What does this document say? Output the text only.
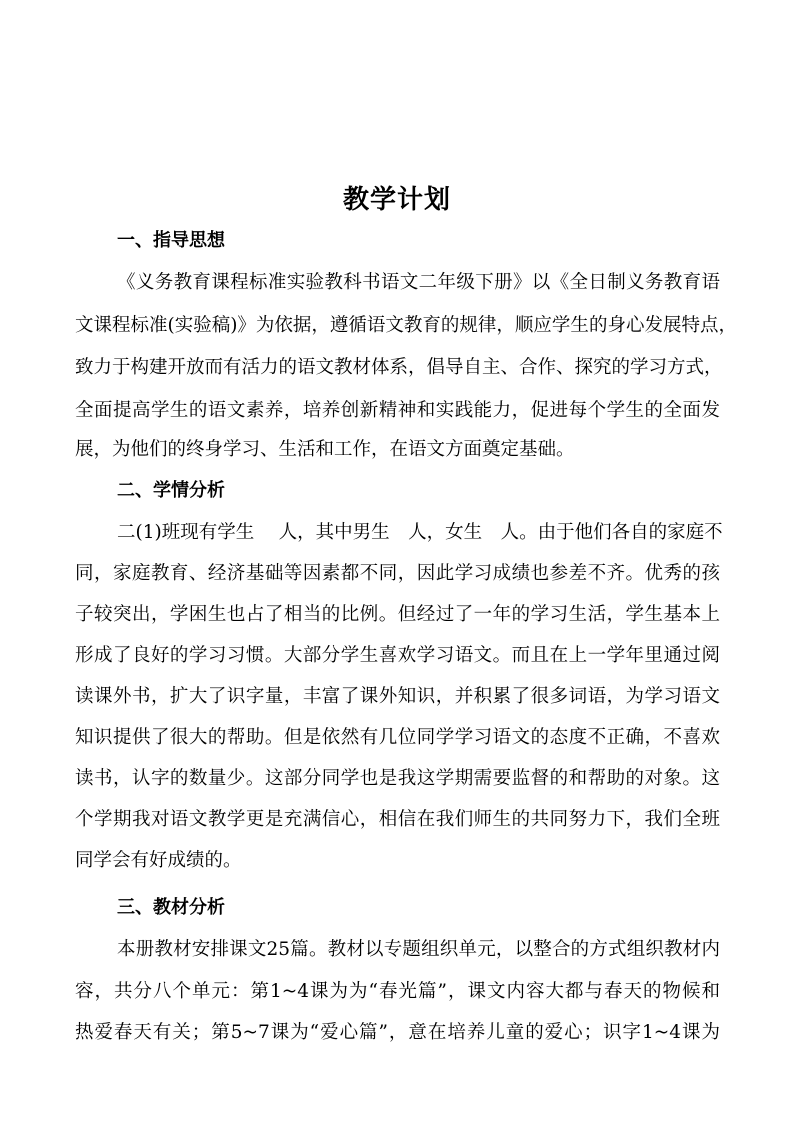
教学计划
一、指导思想
《义务教育课程标准实验教科书语文二年级下册》以《全日制义务教育语
文课程标准(实验稿)》为依据，遵循语文教育的规律，顺应学生的身心发展特点，
致力于构建开放而有活力的语文教材体系，倡导自主、合作、探究的学习方式，
全面提高学生的语文素养，培养创新精神和实践能力，促进每个学生的全面发
展，为他们的终身学习、生活和工作，在语文方面奠定基础。
二、学情分析
二(1)班现有学生　 人，其中男生　人，女生　人。由于他们各自的家庭不
同，家庭教育、经济基础等因素都不同，因此学习成绩也参差不齐。优秀的孩
子较突出，学困生也占了相当的比例。但经过了一年的学习生活，学生基本上
形成了良好的学习习惯。大部分学生喜欢学习语文。而且在上一学年里通过阅
读课外书，扩大了识字量，丰富了课外知识，并积累了很多词语，为学习语文
知识提供了很大的帮助。但是依然有几位同学学习语文的态度不正确，不喜欢
读书，认字的数量少。这部分同学也是我这学期需要监督的和帮助的对象。这
个学期我对语文教学更是充满信心，相信在我们师生的共同努力下，我们全班
同学会有好成绩的。
三、教材分析
本册教材安排课文25篇。教材以专题组织单元，以整合的方式组织教材内
容，共分八个单元：第1~4课为为“春光篇”，课文内容大都与春天的物候和
热爱春天有关；第5~7课为“爱心篇”，意在培养儿童的爱心；识字1~4课为
